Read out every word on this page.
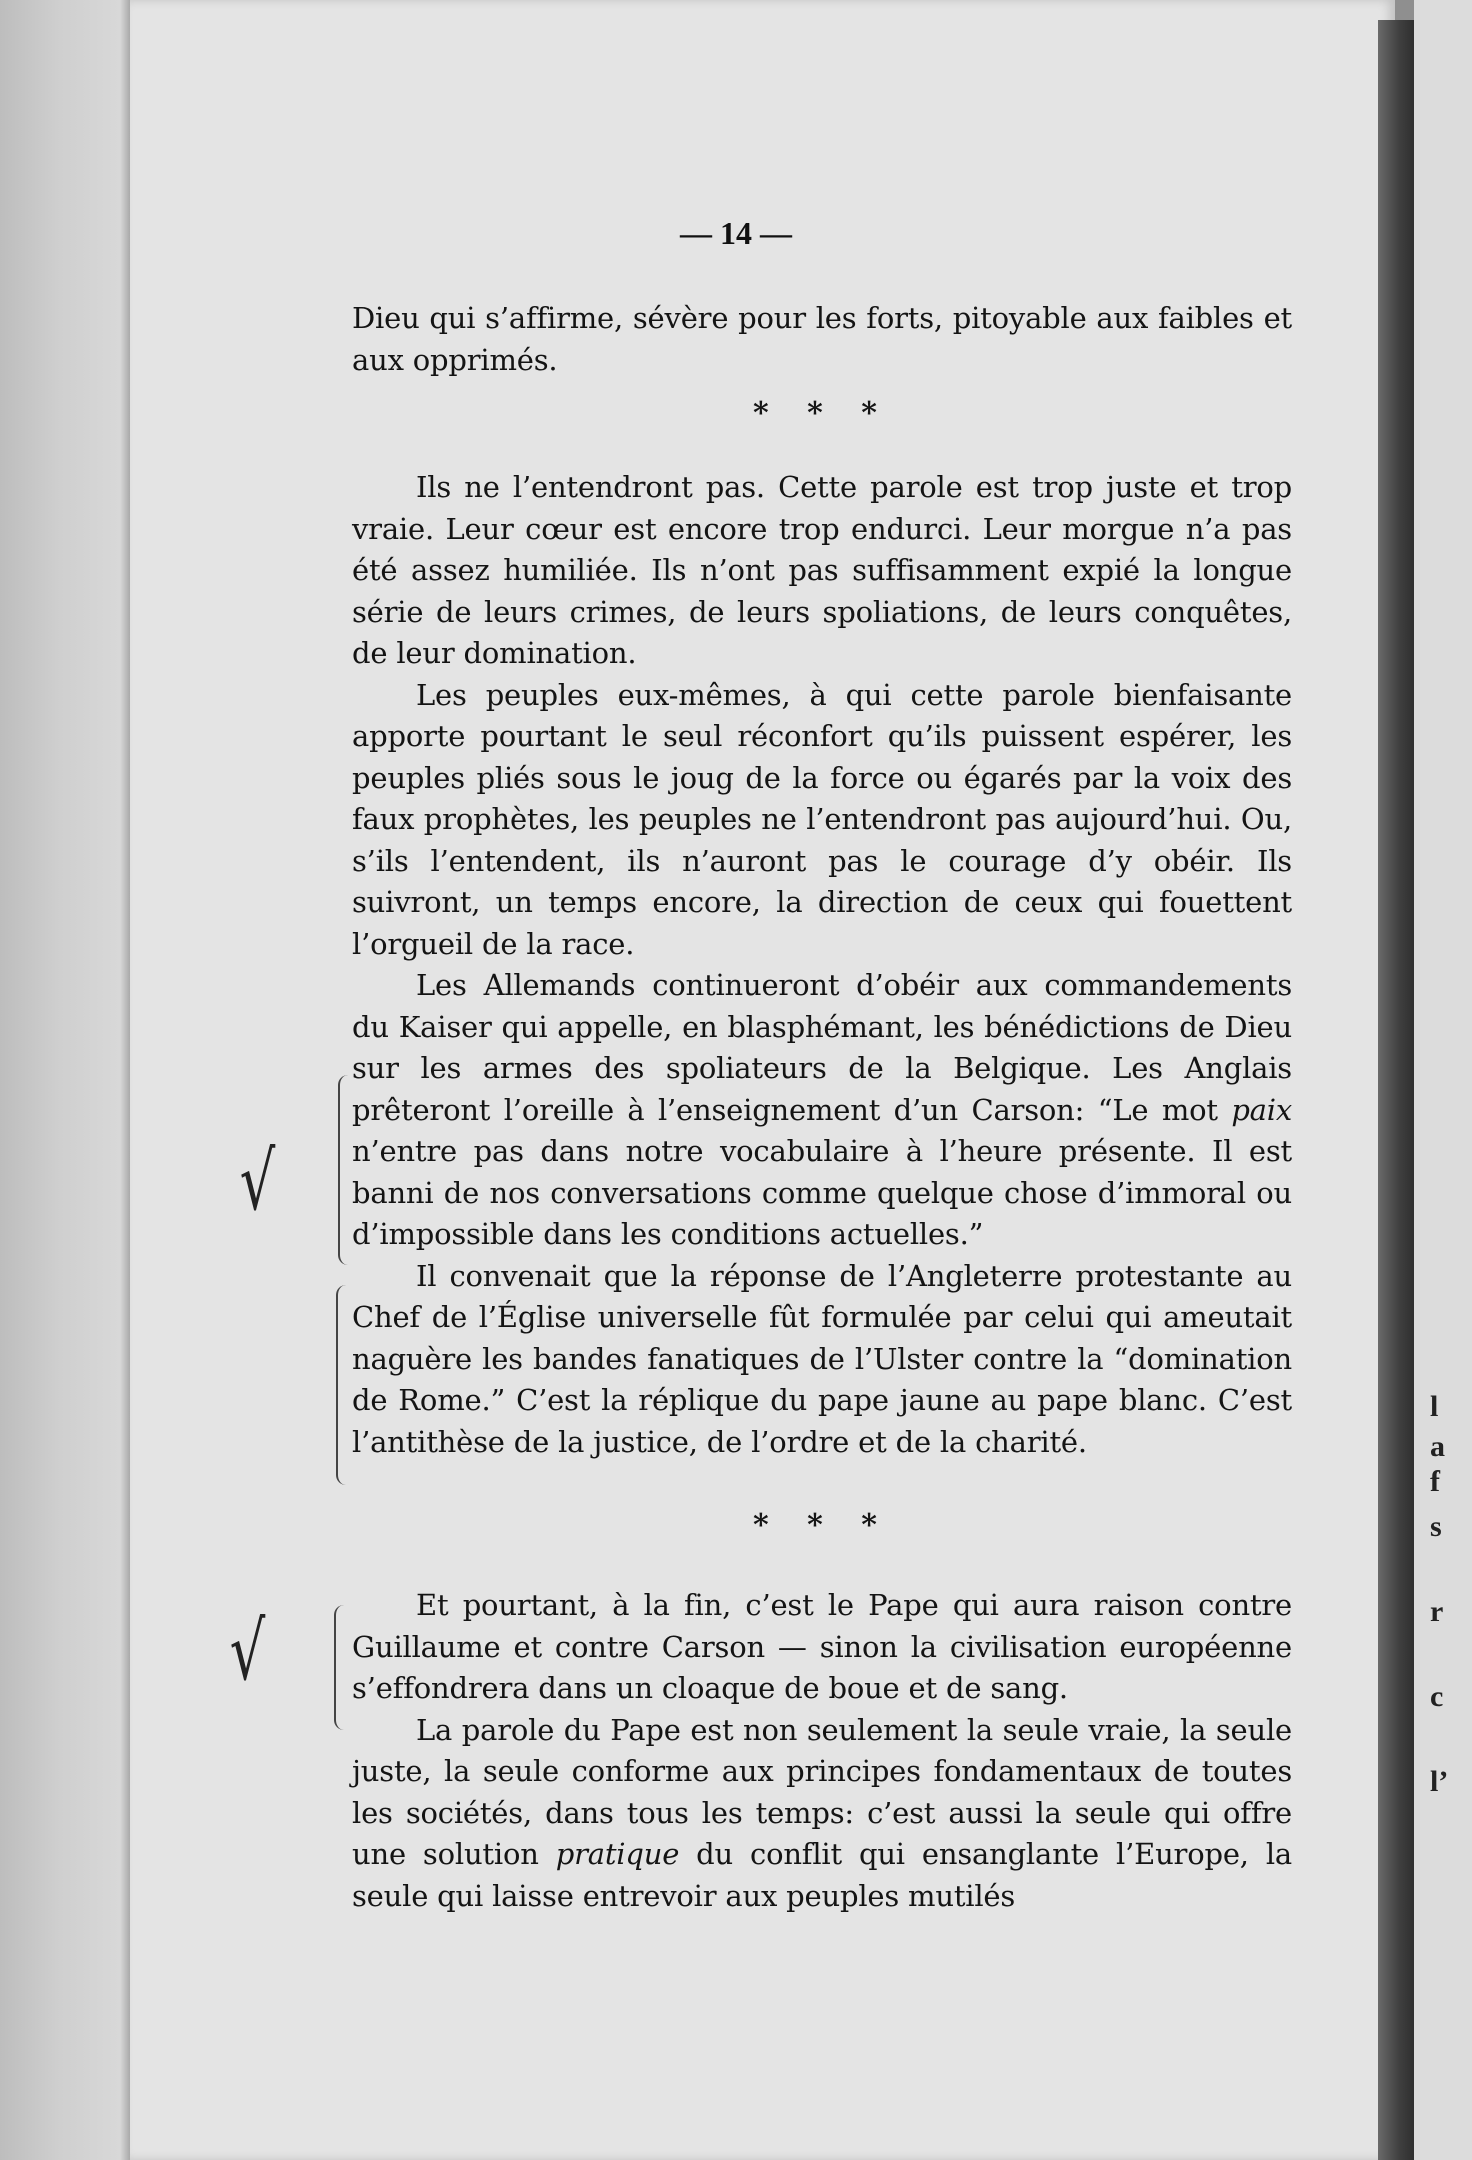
l
a
f
s
r
c
l’
— 14 —

Dieu qui s’affirme, sévère pour les forts, pitoyable aux faibles et aux opprimés.

* * *

Ils ne l’entendront pas. Cette parole est trop juste et trop vraie. Leur cœur est encore trop endurci. Leur morgue n’a pas été assez humiliée. Ils n’ont pas suffisamment expié la longue série de leurs crimes, de leurs spoliations, de leurs conquêtes, de leur domination.

Les peuples eux-mêmes, à qui cette parole bienfaisante apporte pourtant le seul réconfort qu’ils puissent espérer, les peuples pliés sous le joug de la force ou égarés par la voix des faux prophètes, les peuples ne l’entendront pas aujourd’hui. Ou, s’ils l’entendent, ils n’auront pas le courage d’y obéir. Ils suivront, un temps encore, la direction de ceux qui fouettent l’orgueil de la race.

Les Allemands continueront d’obéir aux commandements du Kaiser qui appelle, en blasphémant, les bénédictions de Dieu sur les armes des spoliateurs de la Belgique. Les Anglais prêteront l’oreille à l’enseignement d’un Carson: “Le mot paix n’entre pas dans notre vocabulaire à l’heure présente. Il est banni de nos conversations comme quelque chose d’immoral ou d’impossible dans les conditions actuelles.”

Il convenait que la réponse de l’Angleterre protestante au Chef de l’Église universelle fût formulée par celui qui ameutait naguère les bandes fanatiques de l’Ulster contre la “domination de Rome.” C’est la réplique du pape jaune au pape blanc. C’est l’antithèse de la justice, de l’ordre et de la charité.

* * *

Et pourtant, à la fin, c’est le Pape qui aura raison contre Guillaume et contre Carson — sinon la civilisation européenne s’effondrera dans un cloaque de boue et de sang.

La parole du Pape est non seulement la seule vraie, la seule juste, la seule conforme aux principes fondamentaux de toutes les sociétés, dans tous les temps: c’est aussi la seule qui offre une solution pratique du conflit qui ensanglante l’Europe, la seule qui laisse entrevoir aux peuples mutilés

√
√
